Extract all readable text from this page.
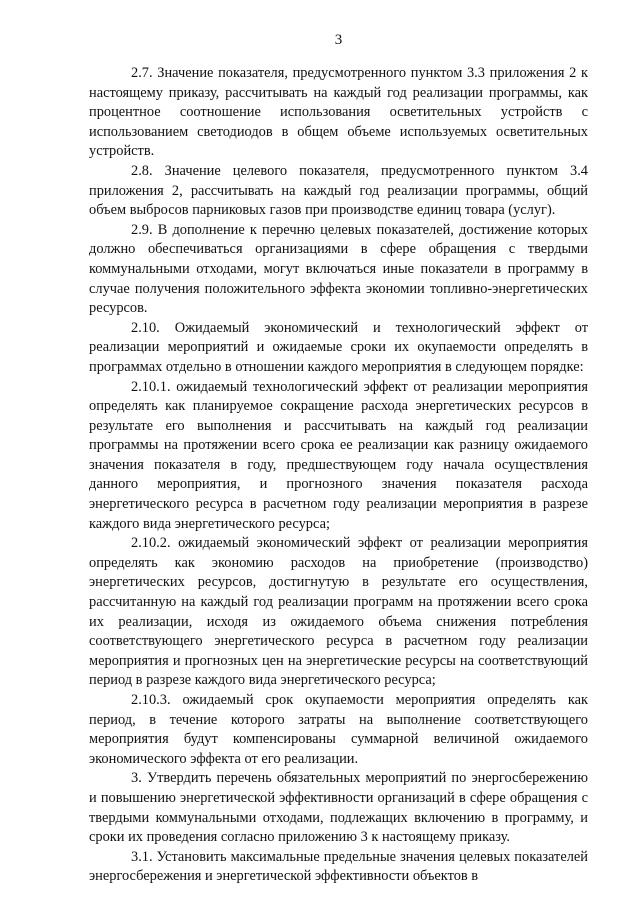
3

2.7. Значение показателя, предусмотренного пунктом 3.3 приложения 2 к настоящему приказу, рассчитывать на каждый год реализации программы, как процентное соотношение использования осветительных устройств с использованием светодиодов в общем объеме используемых осветительных устройств.

2.8. Значение целевого показателя, предусмотренного пунктом 3.4 приложения 2, рассчитывать на каждый год реализации программы, общий объем выбросов парниковых газов при производстве единиц товара (услуг).

2.9. В дополнение к перечню целевых показателей, достижение которых должно обеспечиваться организациями в сфере обращения с твердыми коммунальными отходами, могут включаться иные показатели в программу в случае получения положительного эффекта экономии топливно-энергетических ресурсов.

2.10. Ожидаемый экономический и технологический эффект от реализации мероприятий и ожидаемые сроки их окупаемости определять в программах отдельно в отношении каждого мероприятия в следующем порядке:

2.10.1. ожидаемый технологический эффект от реализации мероприятия определять как планируемое сокращение расхода энергетических ресурсов в результате его выполнения и рассчитывать на каждый год реализации программы на протяжении всего срока ее реализации как разницу ожидаемого значения показателя в году, предшествующем году начала осуществления данного мероприятия, и прогнозного значения показателя расхода энергетического ресурса в расчетном году реализации мероприятия в разрезе каждого вида энергетического ресурса;

2.10.2. ожидаемый экономический эффект от реализации мероприятия определять как экономию расходов на приобретение (производство) энергетических ресурсов, достигнутую в результате его осуществления, рассчитанную на каждый год реализации программ на протяжении всего срока их реализации, исходя из ожидаемого объема снижения потребления соответствующего энергетического ресурса в расчетном году реализации мероприятия и прогнозных цен на энергетические ресурсы на соответствующий период в разрезе каждого вида энергетического ресурса;

2.10.3. ожидаемый срок окупаемости мероприятия определять как период, в течение которого затраты на выполнение соответствующего мероприятия будут компенсированы суммарной величиной ожидаемого экономического эффекта от его реализации.

3. Утвердить перечень обязательных мероприятий по энергосбережению и повышению энергетической эффективности организаций в сфере обращения с твердыми коммунальными отходами, подлежащих включению в программу, и сроки их проведения согласно приложению 3 к настоящему приказу.

3.1. Установить максимальные предельные значения целевых показателей энергосбережения и энергетической эффективности объектов в
